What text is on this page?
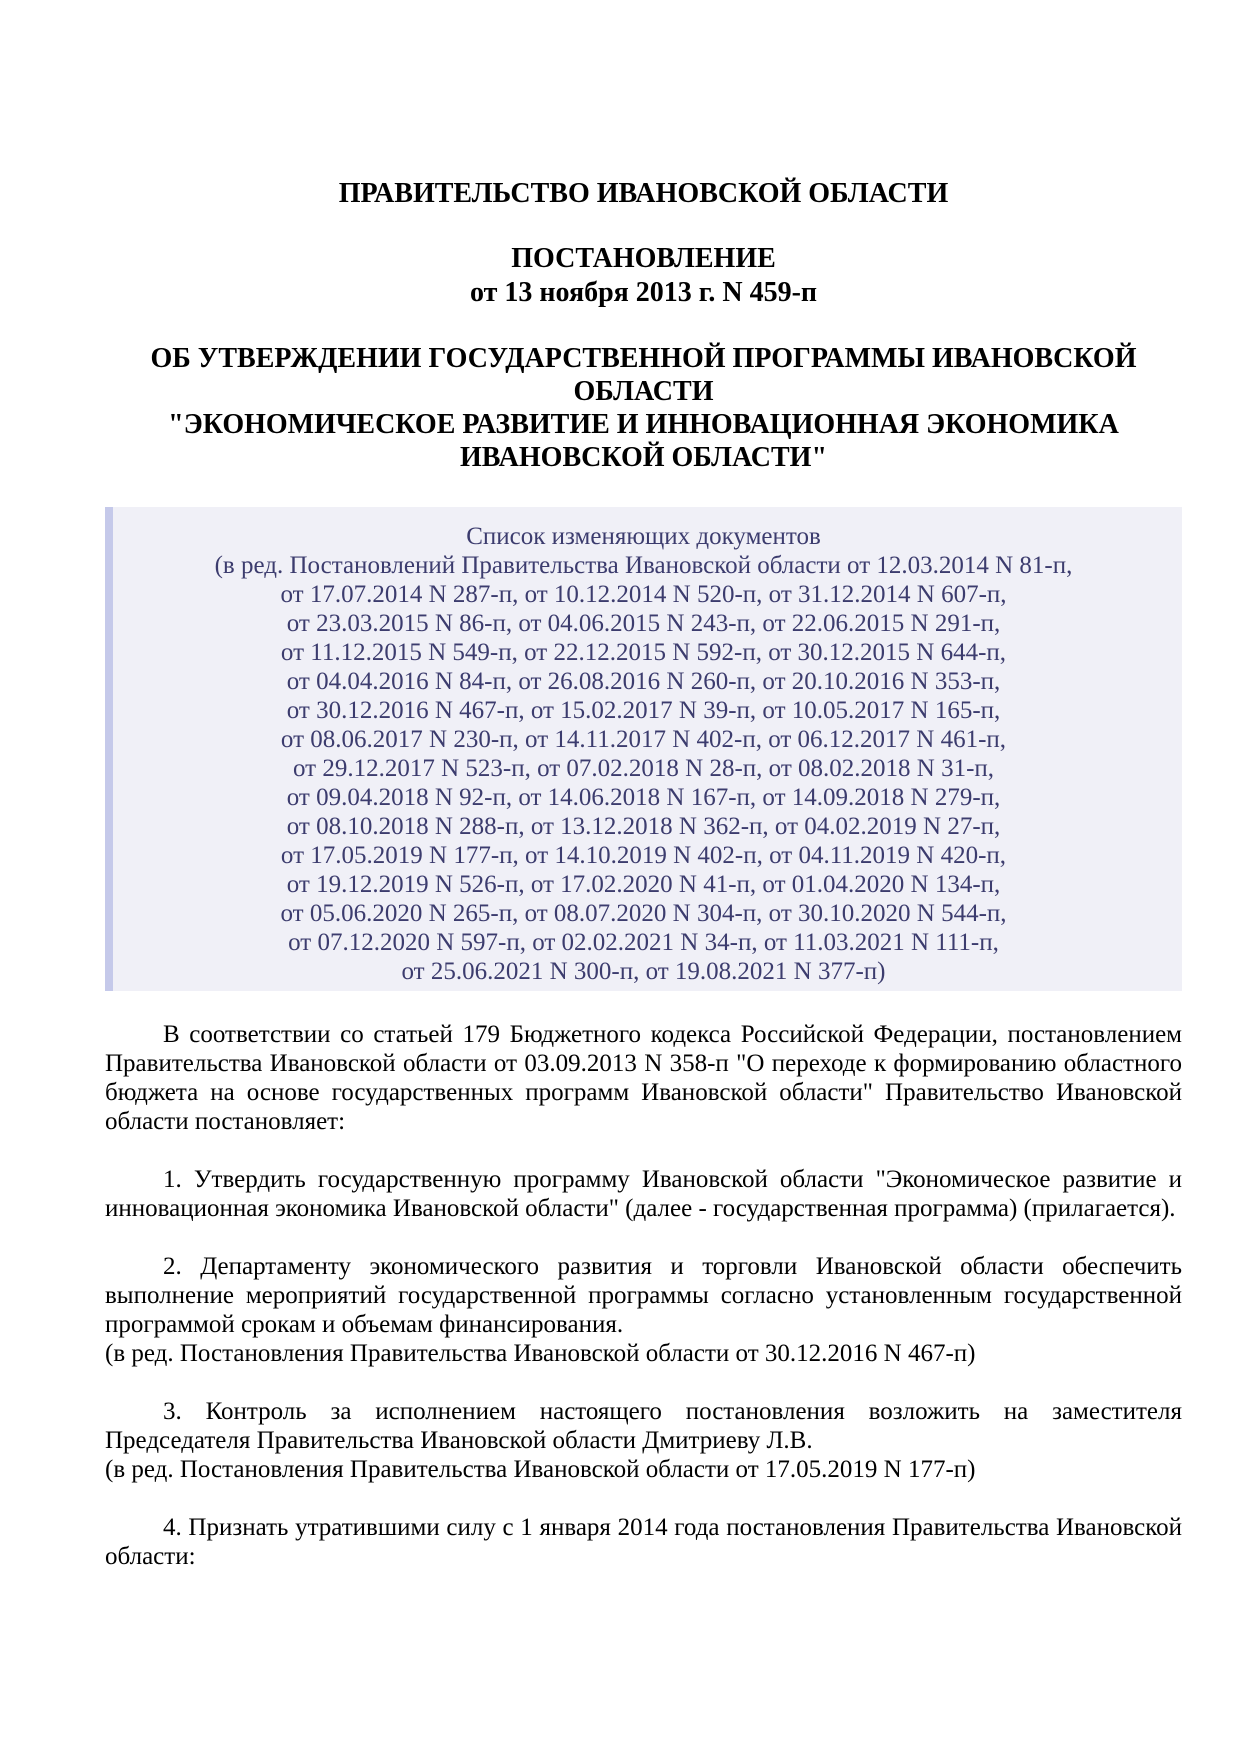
ПРАВИТЕЛЬСТВО ИВАНОВСКОЙ ОБЛАСТИ
ПОСТАНОВЛЕНИЕ
от 13 ноября 2013 г. N 459-п
ОБ УТВЕРЖДЕНИИ ГОСУДАРСТВЕННОЙ ПРОГРАММЫ ИВАНОВСКОЙ
ОБЛАСТИ
"ЭКОНОМИЧЕСКОЕ РАЗВИТИЕ И ИННОВАЦИОННАЯ ЭКОНОМИКА
ИВАНОВСКОЙ ОБЛАСТИ"
Список изменяющих документов
(в ред. Постановлений Правительства Ивановской области от 12.03.2014 N 81-п,
от 17.07.2014 N 287-п, от 10.12.2014 N 520-п, от 31.12.2014 N 607-п,
от 23.03.2015 N 86-п, от 04.06.2015 N 243-п, от 22.06.2015 N 291-п,
от 11.12.2015 N 549-п, от 22.12.2015 N 592-п, от 30.12.2015 N 644-п,
от 04.04.2016 N 84-п, от 26.08.2016 N 260-п, от 20.10.2016 N 353-п,
от 30.12.2016 N 467-п, от 15.02.2017 N 39-п, от 10.05.2017 N 165-п,
от 08.06.2017 N 230-п, от 14.11.2017 N 402-п, от 06.12.2017 N 461-п,
от 29.12.2017 N 523-п, от 07.02.2018 N 28-п, от 08.02.2018 N 31-п,
от 09.04.2018 N 92-п, от 14.06.2018 N 167-п, от 14.09.2018 N 279-п,
от 08.10.2018 N 288-п, от 13.12.2018 N 362-п, от 04.02.2019 N 27-п,
от 17.05.2019 N 177-п, от 14.10.2019 N 402-п, от 04.11.2019 N 420-п,
от 19.12.2019 N 526-п, от 17.02.2020 N 41-п, от 01.04.2020 N 134-п,
от 05.06.2020 N 265-п, от 08.07.2020 N 304-п, от 30.10.2020 N 544-п,
от 07.12.2020 N 597-п, от 02.02.2021 N 34-п, от 11.03.2021 N 111-п,
от 25.06.2021 N 300-п, от 19.08.2021 N 377-п)

В соответствии со статьей 179 Бюджетного кодекса Российской Федерации, постановлением Правительства Ивановской области от 03.09.2013 N 358-п "О переходе к формированию областного бюджета на основе государственных программ Ивановской области" Правительство Ивановской области постановляет:

1. Утвердить государственную программу Ивановской области "Экономическое развитие и инновационная экономика Ивановской области" (далее - государственная программа) (прилагается).

2. Департаменту экономического развития и торговли Ивановской области обеспечить выполнение мероприятий государственной программы согласно установленным государственной программой срокам и объемам финансирования.

(в ред. Постановления Правительства Ивановской области от 30.12.2016 N 467-п)

3. Контроль за исполнением настоящего постановления возложить на заместителя Председателя Правительства Ивановской области Дмитриеву Л.В.

(в ред. Постановления Правительства Ивановской области от 17.05.2019 N 177-п)

4. Признать утратившими силу с 1 января 2014 года постановления Правительства Ивановской области:
